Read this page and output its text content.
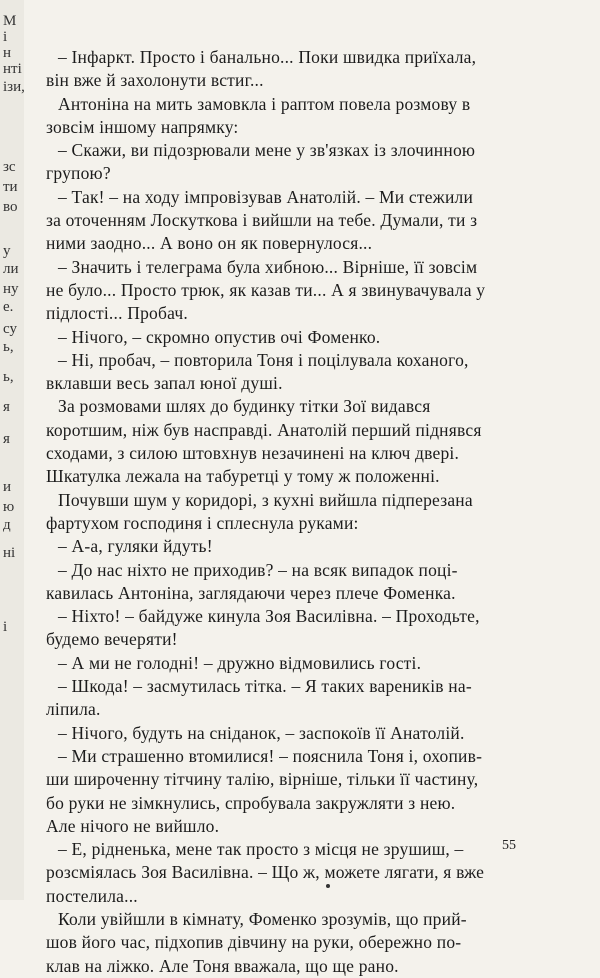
М
і
н
нті
ізи,
зс
ти
во
у
ли
ну
е.
су
ь,
ь,
я
я
и
ю
д
ні
і
– Інфаркт. Просто і банально... Поки швидка приїхала,
він вже й захолонути встиг...
Антоніна на мить замовкла і раптом повела розмову в
зовсім іншому напрямку:
– Скажи, ви підозрювали мене у зв'язках із злочинною
групою?
– Так! – на ходу імпровізував Анатолій. – Ми стежили
за оточенням Лоскуткова і вийшли на тебе. Думали, ти з
ними заодно... А воно он як повернулося...
– Значить і телеграма була хибною... Вірніше, її зовсім
не було... Просто трюк, як казав ти... А я звинувачувала у
підлості... Пробач.
– Нічого, – скромно опустив очі Фоменко.
– Ні, пробач, – повторила Тоня і поцілувала коханого,
вклавши весь запал юної душі.
За розмовами шлях до будинку тітки Зої видався
коротшим, ніж був насправді. Анатолій перший піднявся
сходами, з силою штовхнув незачинені на ключ двері.
Шкатулка лежала на табуретці у тому ж положенні.
Почувши шум у коридорі, з кухні вийшла підперезана
фартухом господиня і сплеснула руками:
– А-а, гуляки йдуть!
– До нас ніхто не приходив? – на всяк випадок поці-
кавилась Антоніна, заглядаючи через плече Фоменка.
– Ніхто! – байдуже кинула Зоя Василівна. – Проходьте,
будемо вечеряти!
– А ми не голодні! – дружно відмовились гості.
– Шкода! – засмутилась тітка. – Я таких вареників на-
ліпила.
– Нічого, будуть на сніданок, – заспокоїв її Анатолій.
– Ми страшенно втомилися! – пояснила Тоня і, охопив-
ши широченну тітчину талію, вірніше, тільки її частину,
бо руки не зімкнулись, спробувала закружляти з нею.
Але нічого не вийшло.
– Е, рідненька, мене так просто з місця не зрушиш, –
розсміялась Зоя Василівна. – Що ж, можете лягати, я вже
постелила...
Коли увійшли в кімнату, Фоменко зрозумів, що прий-
шов його час, підхопив дівчину на руки, обережно по-
клав на ліжко. Але Тоня вважала, що ще рано.
55
